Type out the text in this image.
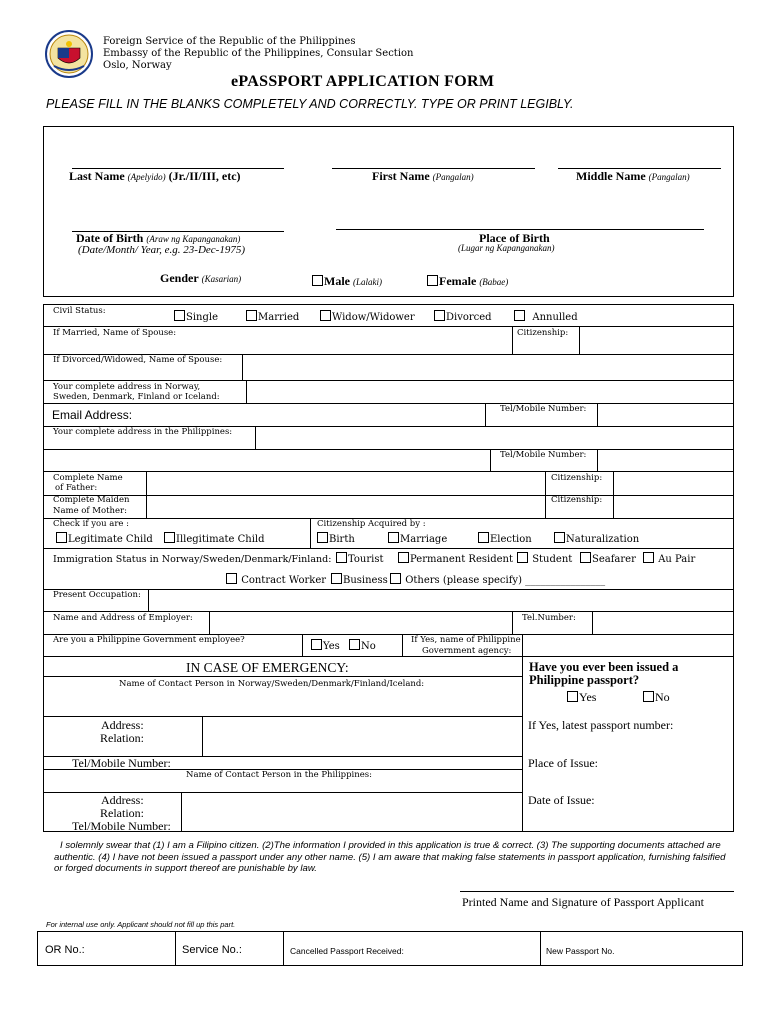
Foreign Service of the Republic of the Philippines
Embassy of the Republic of the Philippines, Consular Section
Oslo, Norway
ePASSPORT APPLICATION FORM
PLEASE FILL IN THE BLANKS COMPLETELY AND CORRECTLY. TYPE OR PRINT LEGIBLY.
Last Name (Apelyido) (Jr./II/III, etc)	First Name (Pangalan)	Middle Name (Pangalan)
Date of Birth (Araw ng Kapanganakan)
(Date/Month/ Year, e.g. 23-Dec-1975)
Place of Birth
(Lugar ng Kapanganakan)
Gender (Kasarian)	Male (Lalaki)	Female (Babae)
Civil Status:
Single	Married	Widow/Widower	Divorced	Annulled
If Married, Name of Spouse:	Citizenship:
If Divorced/Widowed, Name of Spouse:
Your complete address in Norway,
Sweden, Denmark, Finland or Iceland:
Email Address:	Tel/Mobile Number:
Your complete address in the Philippines:
Tel/Mobile Number:
Complete Name
of Father:
Citizenship:
Complete Maiden
Name of Mother:
Citizenship:
Check if you are :
Legitimate Child	Illegitimate Child
Citizenship Acquired by :
Birth	Marriage	Election	Naturalization
Immigration Status in Norway/Sweden/Denmark/Finland:	Tourist	Permanent Resident	Student	Seafarer	Au Pair
Contract Worker	Business	Others (please specify) ________________
Present Occupation:
Name and Address of Employer:	Tel.Number:
Are you a Philippine Government employee?
Yes	No
If Yes, name of Philippine
Government agency:
IN CASE OF EMERGENCY:
Name of Contact Person in Norway/Sweden/Denmark/Finland/Iceland:
Address:
Relation:
Tel/Mobile Number:
Name of Contact Person in the Philippines:
Address:
Relation:
Tel/Mobile Number:
Have you ever been issued a
Philippine passport?
Yes	No
If Yes, latest passport number:
Place of Issue:
Date of Issue:
I solemnly swear that (1) I am a Filipino citizen. (2)The information I provided in this application is true & correct. (3) The supporting documents attached are authentic. (4) I have not been issued a passport under any other name. (5) I am aware that making false statements in passport application, furnishing falsified or forged documents in support thereof are punishable by law.
Printed Name and Signature of Passport Applicant
For internal use only. Applicant should not fill up this part.
OR No.:	Service No.:	Cancelled Passport Received:	New Passport No.
